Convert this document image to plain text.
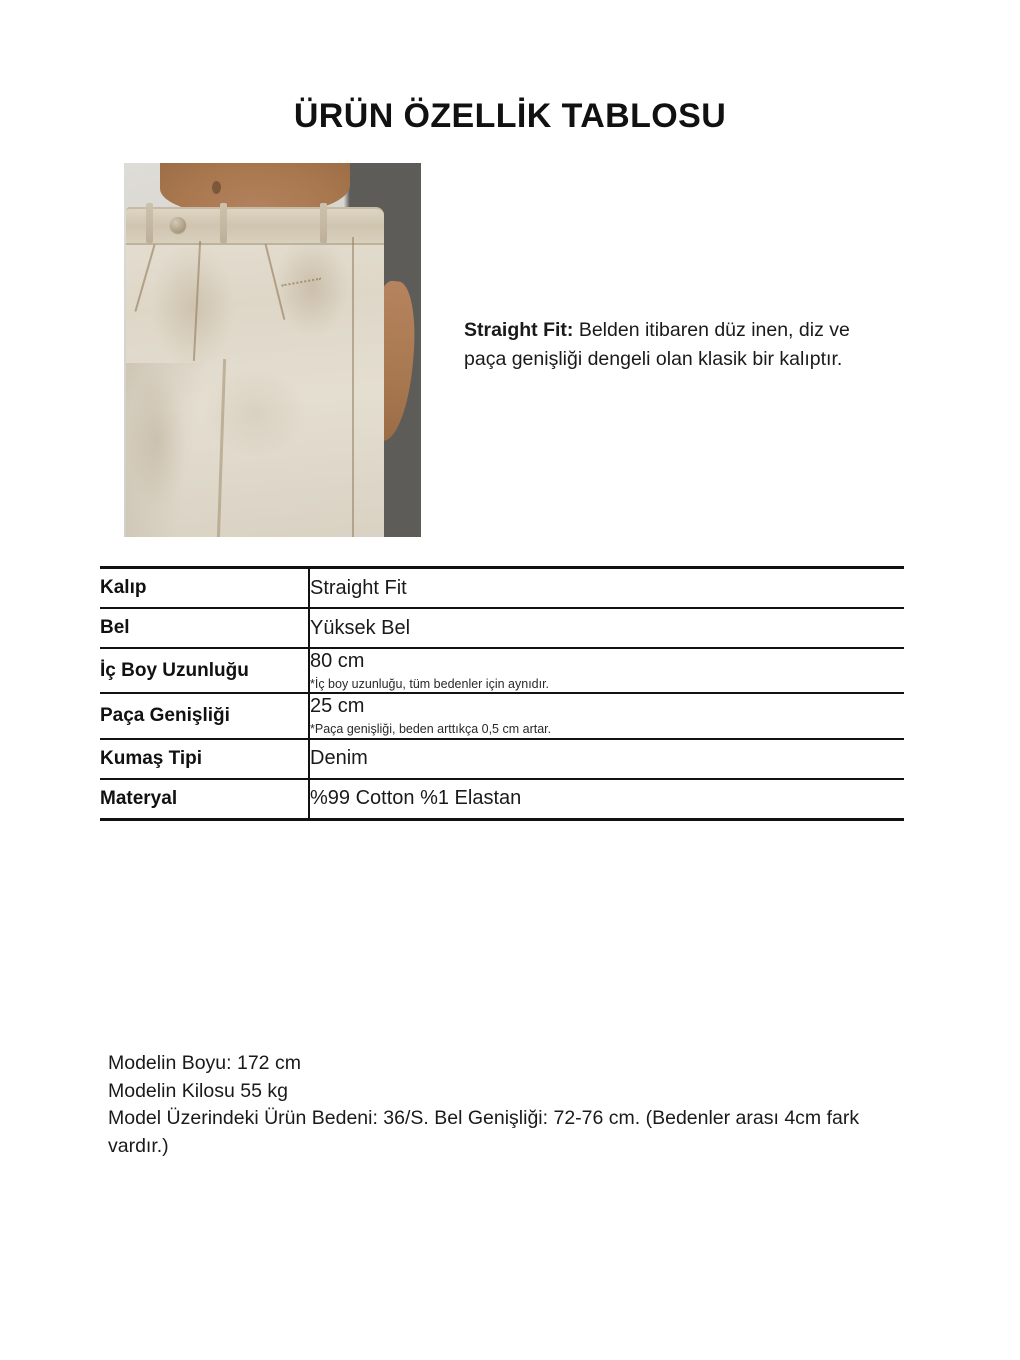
ÜRÜN ÖZELLİK TABLOSU
Straight Fit: Belden itibaren düz inen, diz ve paça genişliği dengeli olan klasik bir kalıptır.
Kalıp	Straight Fit
Bel	Yüksek Bel
İç Boy Uzunluğu	80 cm
*İç boy uzunluğu, tüm bedenler için aynıdır.

Paça Genişliği	25 cm
*Paça genişliği, beden arttıkça 0,5 cm artar.

Kumaş Tipi	Denim
Materyal	%99 Cotton %1 Elastan
Modelin Boyu: 172 cm
Modelin Kilosu 55 kg
Model Üzerindeki Ürün Bedeni: 36/S. Bel Genişliği: 72-76 cm. (Bedenler arası 4cm fark vardır.)
